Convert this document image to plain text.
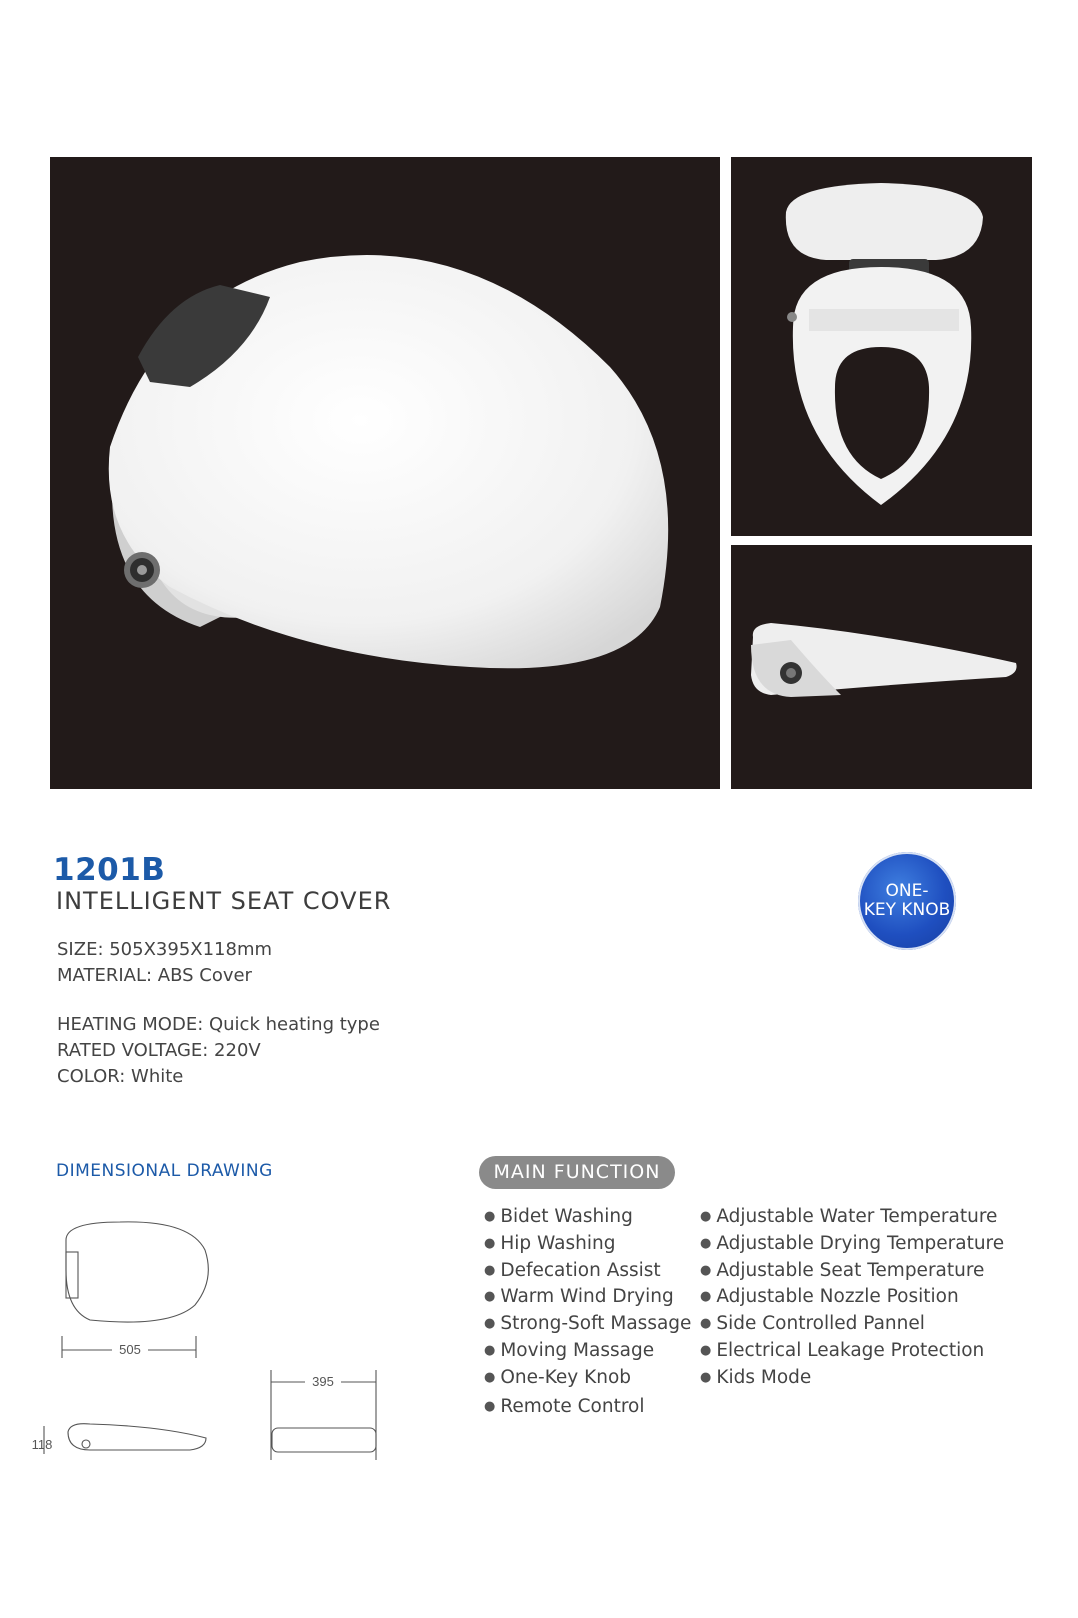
1201B
INTELLIGENT SEAT COVER
SIZE: 505X395X118mm
MATERIAL: ABS Cover
HEATING MODE: Quick heating type
RATED VOLTAGE: 220V
COLOR: White
ONE-
KEY KNOB
DIMENSIONAL DRAWING
505
118
395
MAIN FUNCTION
● Bidet Washing
● Hip Washing
● Defecation Assist
● Warm Wind Drying
● Strong-Soft Massage
● Moving Massage
● One-Key Knob
● Remote Control
● Adjustable Water Temperature
● Adjustable Drying Temperature
● Adjustable Seat Temperature
● Adjustable Nozzle Position
● Side Controlled Pannel
● Electrical Leakage Protection
● Kids Mode
